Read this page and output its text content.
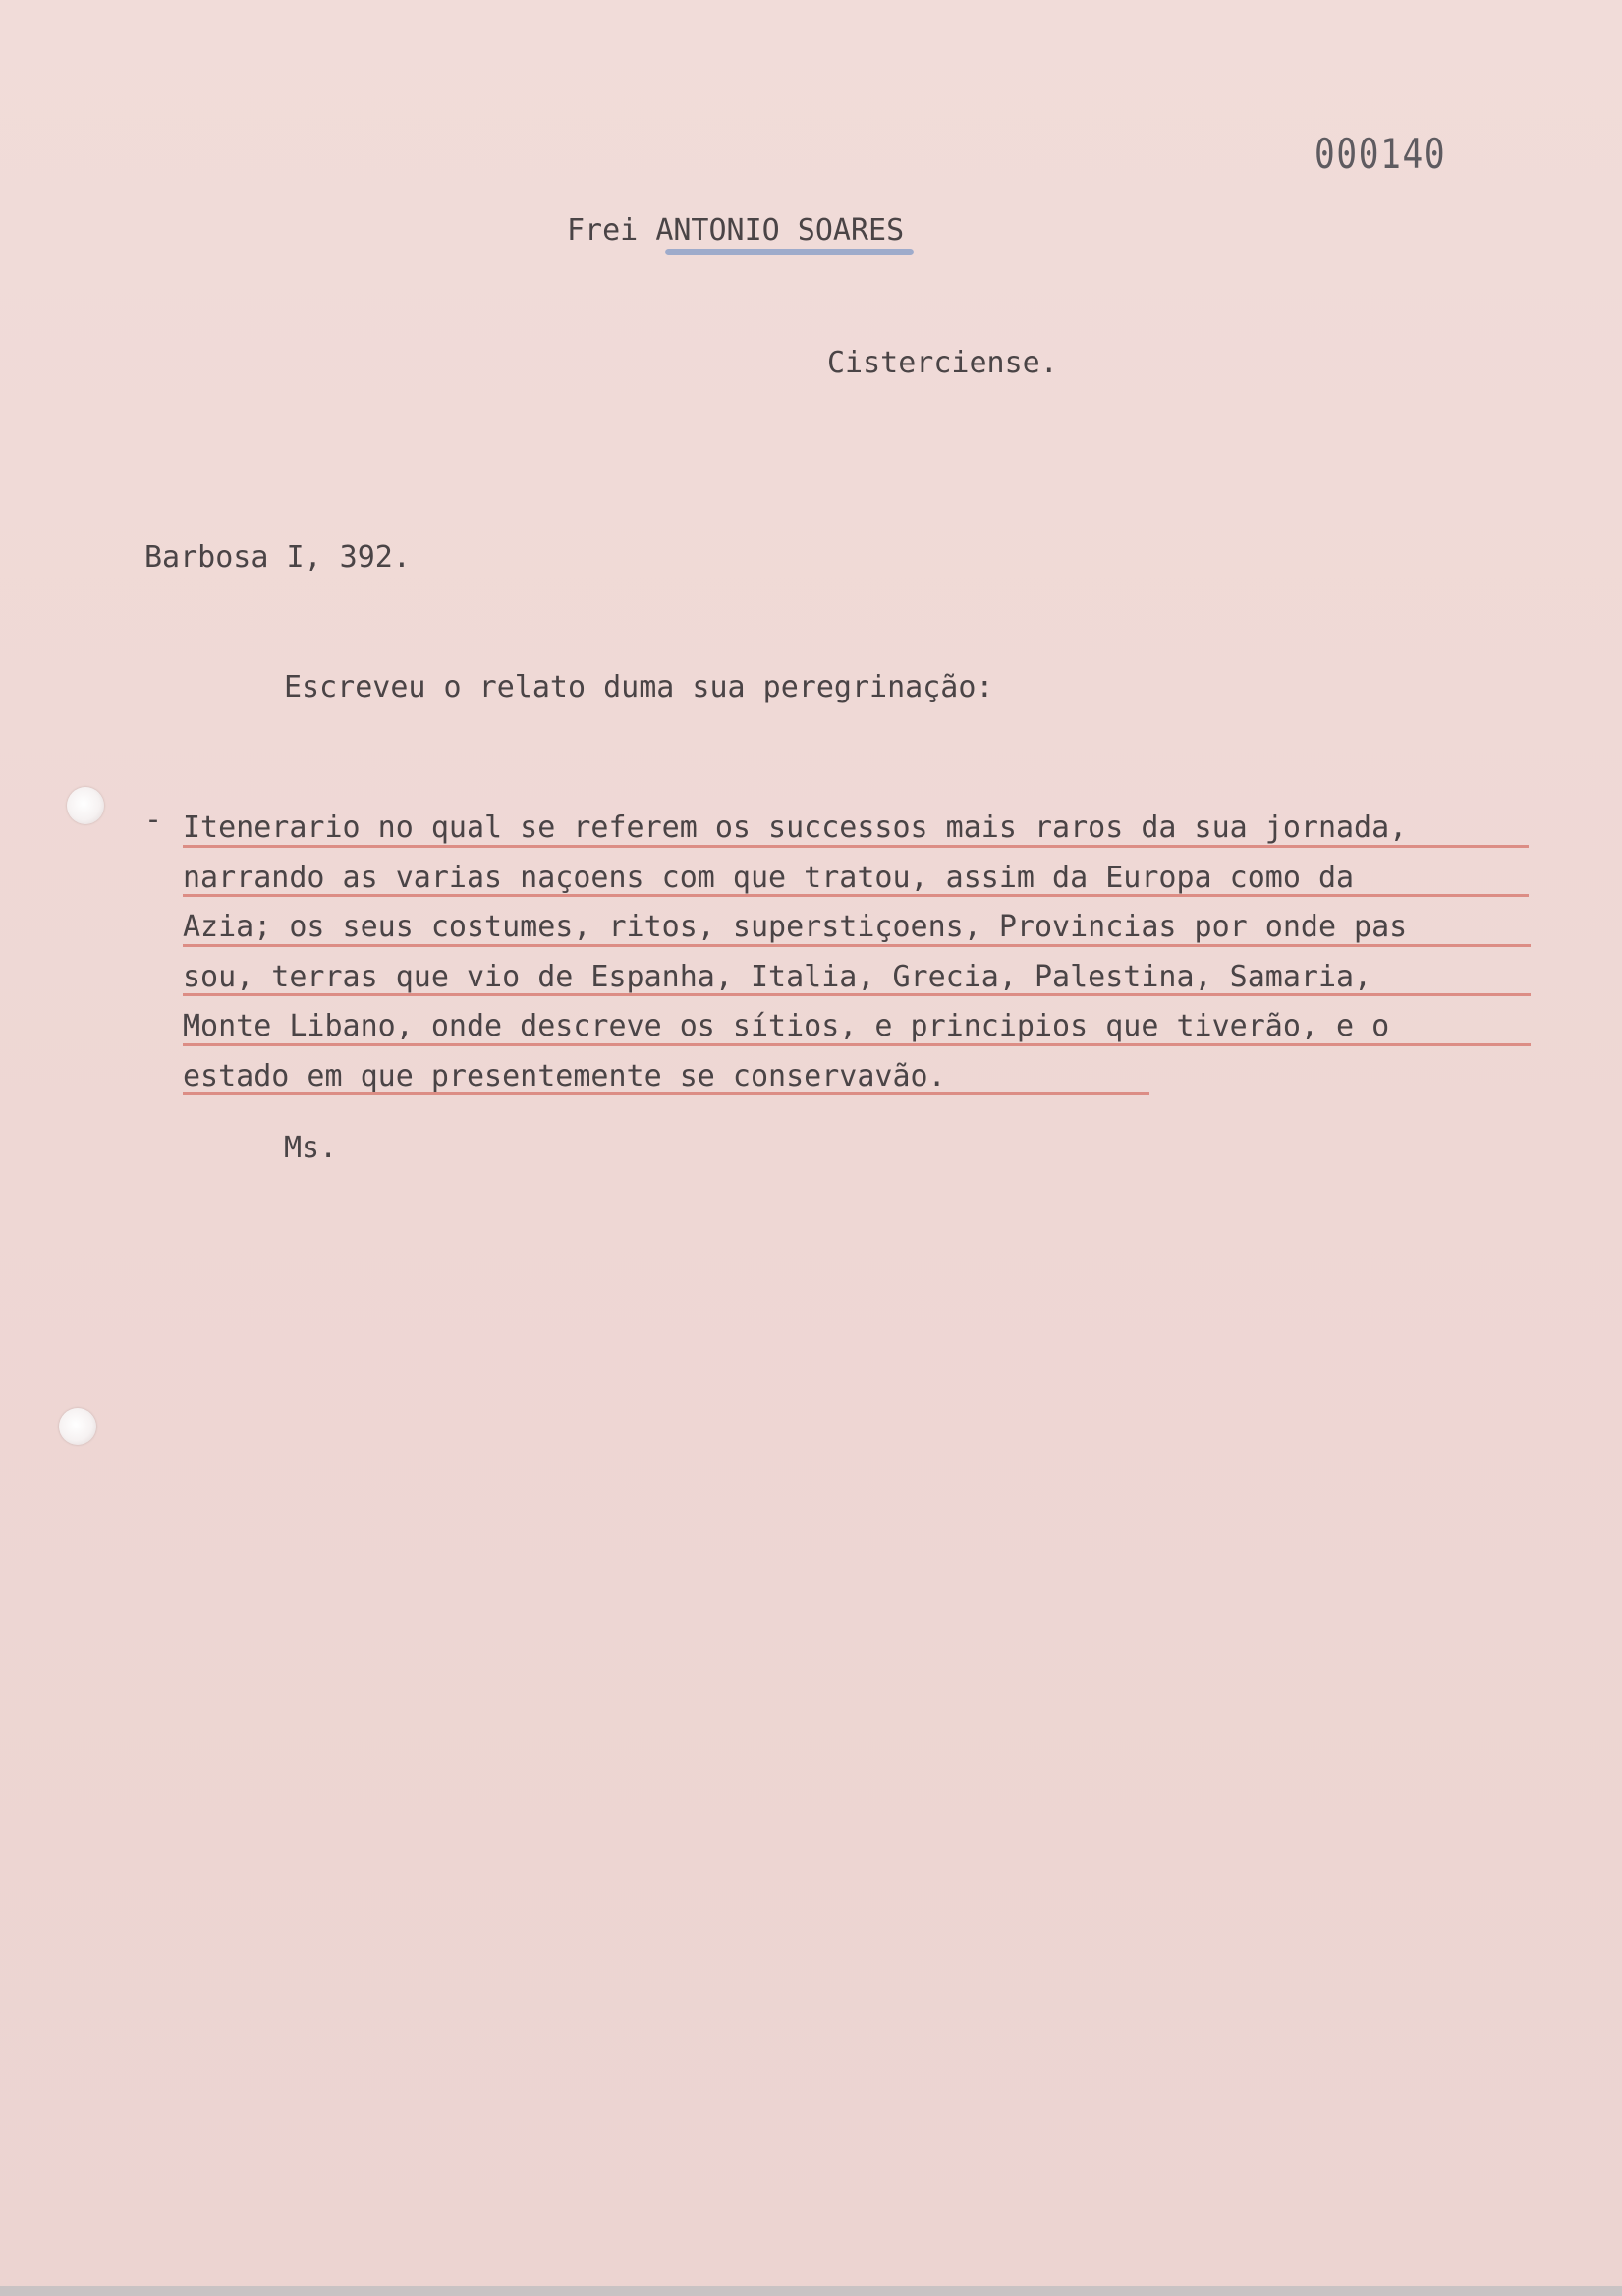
000140

Frei ANTONIO SOARES

Cisterciense.

Barbosa I, 392.

Escreveu o relato duma sua peregrinação:

- Itenerario no qual se referem os successos mais raros da sua jornada,
narrando as varias naçoens com que tratou, assim da Europa como da
Azia; os seus costumes, ritos, superstiçoens, Provincias por onde pas
sou, terras que vio de Espanha, Italia, Grecia, Palestina, Samaria,
Monte Libano, onde descreve os sítios, e principios que tiverão, e o
estado em que presentemente se conservavão.

Ms.
